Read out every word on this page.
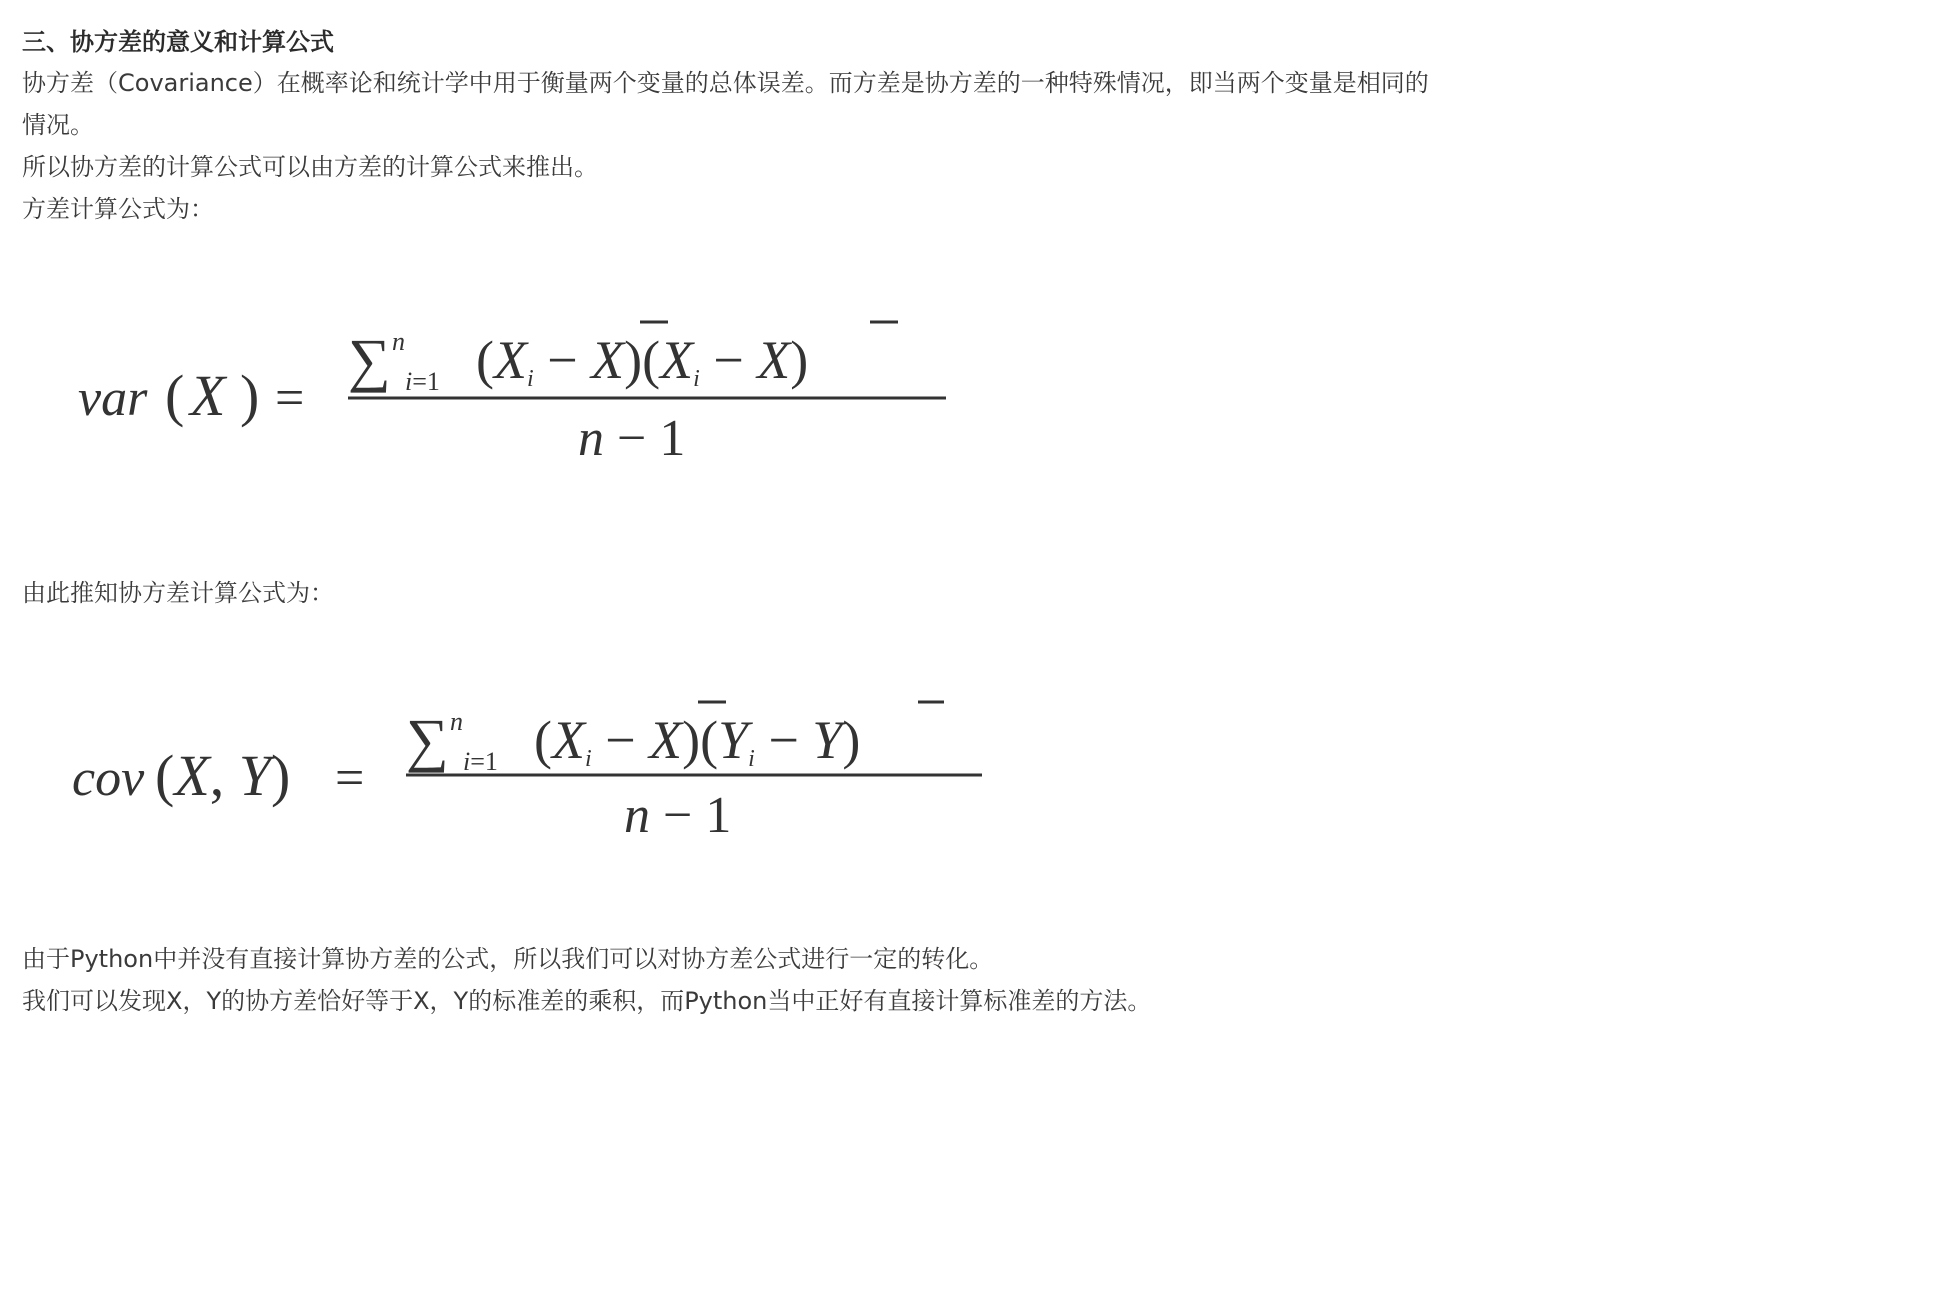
三、协方差的意义和计算公式
协方差（Covariance）在概率论和统计学中用于衡量两个变量的总体误差。而方差是协方差的一种特殊情况，即当两个变量是相同的
情况。
所以协方差的计算公式可以由方差的计算公式来推出。
方差计算公式为：
var ( X ) =
∑ n
i=1 (Xi − X)(Xi − X)
n − 1
由此推知协方差计算公式为：
cov (X, Y) =
∑ n
i=1 (Xi − X)(Yi − Y)
n − 1
由于Python中并没有直接计算协方差的公式，所以我们可以对协方差公式进行一定的转化。
我们可以发现X，Y的协方差恰好等于X，Y的标准差的乘积，而Python当中正好有直接计算标准差的方法。
